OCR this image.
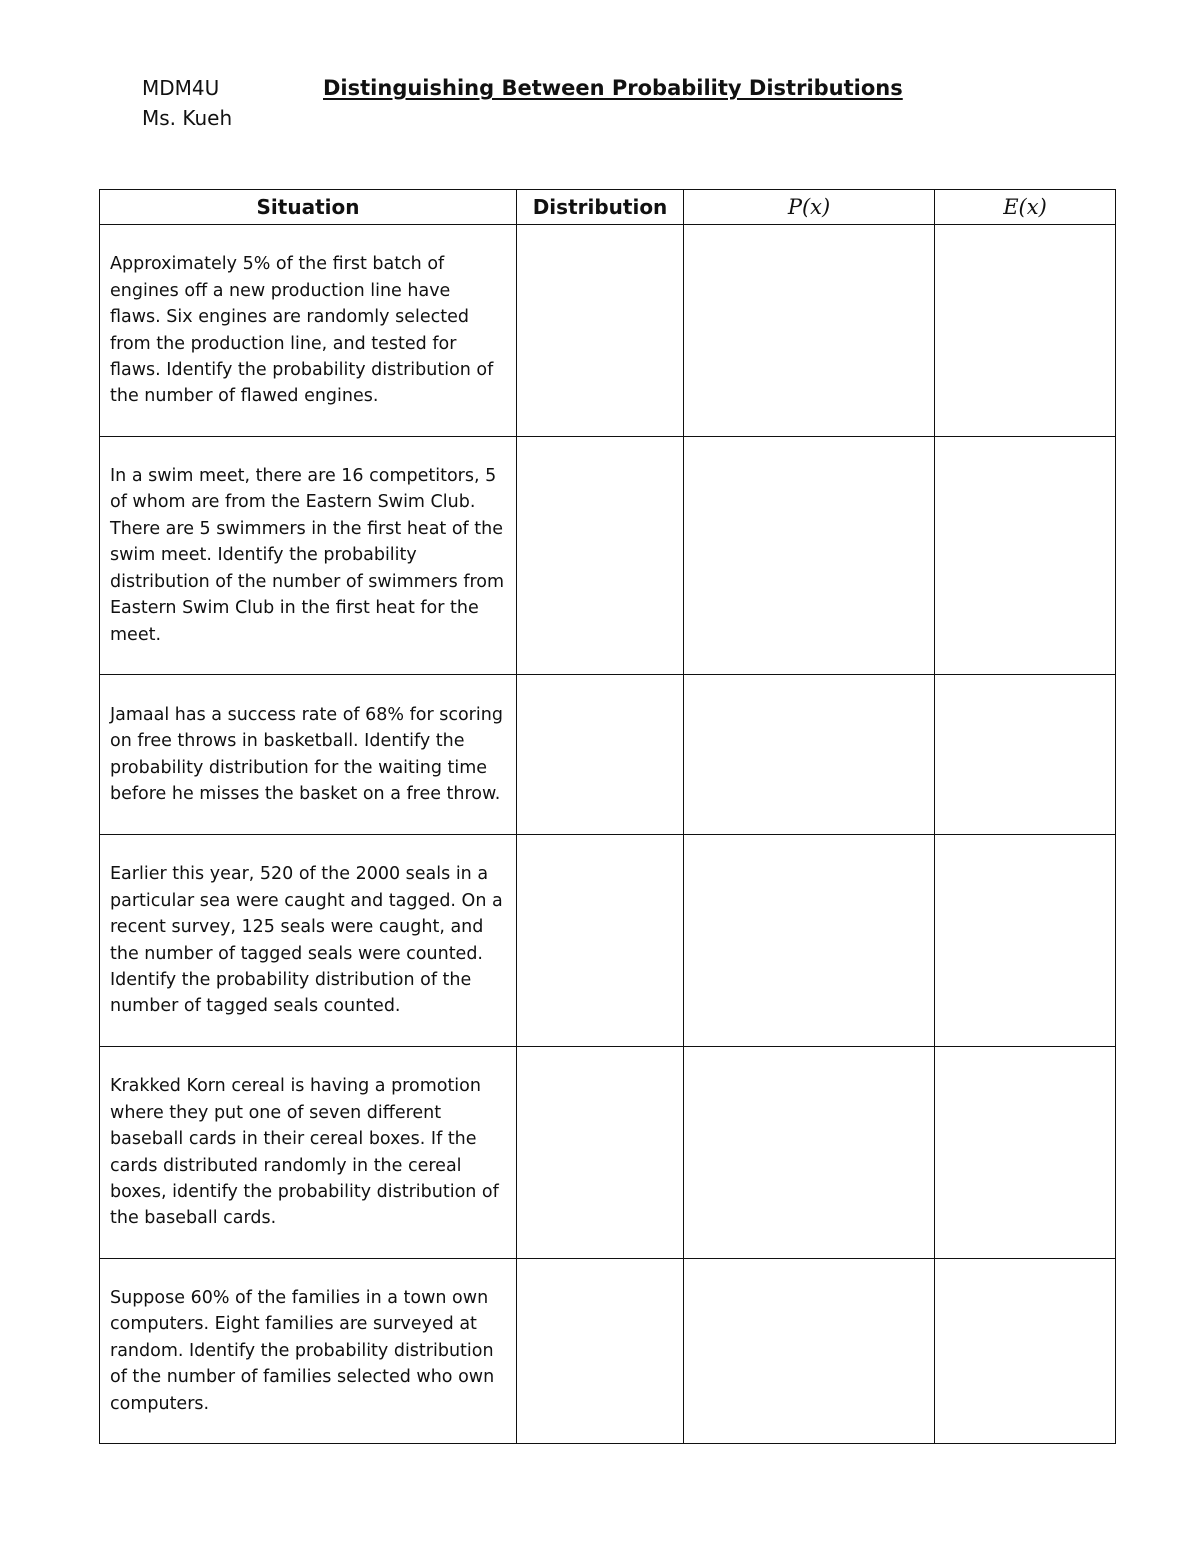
MDM4U
Ms. Kueh
Distinguishing Between Probability Distributions
Situation	Distribution	P(x)	E(x)

Approximately 5% of the first batch of engines off a new production line have flaws. Six engines are randomly selected from the production line, and tested for flaws. Identify the probability distribution of the number of flawed engines.			

In a swim meet, there are 16 competitors, 5 of whom are from the Eastern Swim Club. There are 5 swimmers in the first heat of the swim meet. Identify the probability distribution of the number of swimmers from Eastern Swim Club in the first heat for the meet.			

Jamaal has a success rate of 68% for scoring on free throws in basketball. Identify the probability distribution for the waiting time before he misses the basket on a free throw.			

Earlier this year, 520 of the 2000 seals in a particular sea were caught and tagged. On a recent survey, 125 seals were caught, and the number of tagged seals were counted. Identify the probability distribution of the number of tagged seals counted.			

Krakked Korn cereal is having a promotion where they put one of seven different baseball cards in their cereal boxes. If the cards distributed randomly in the cereal boxes, identify the probability distribution of the baseball cards.			

Suppose 60% of the families in a town own computers. Eight families are surveyed at random. Identify the probability distribution of the number of families selected who own computers.			
